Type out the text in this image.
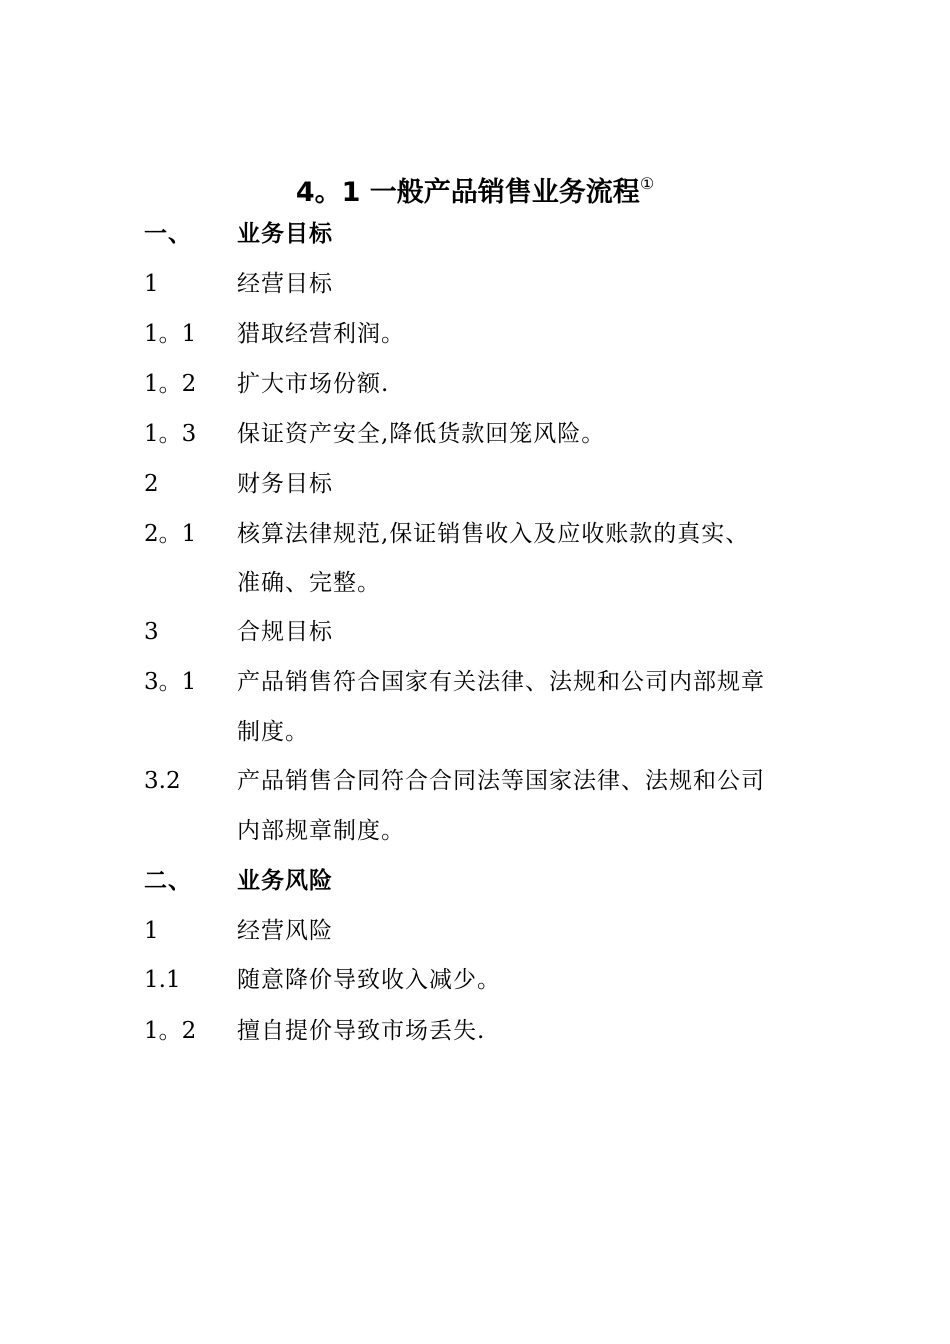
4。1 一般产品销售业务流程①
一、 业务目标
1	经营目标
1。1 猎取经营利润。
1。2 扩大市场份额.
1。3 保证资产安全,降低货款回笼风险。
2	财务目标
2。1 核算法律规范,保证销售收入及应收账款的真实、
准确、完整。
3	合规目标
3。1 产品销售符合国家有关法律、法规和公司内部规章
制度。
3.2 产品销售合同符合合同法等国家法律、法规和公司
内部规章制度。
二、 业务风险
1	经营风险
1.1 随意降价导致收入减少。
1。2 擅自提价导致市场丢失.
